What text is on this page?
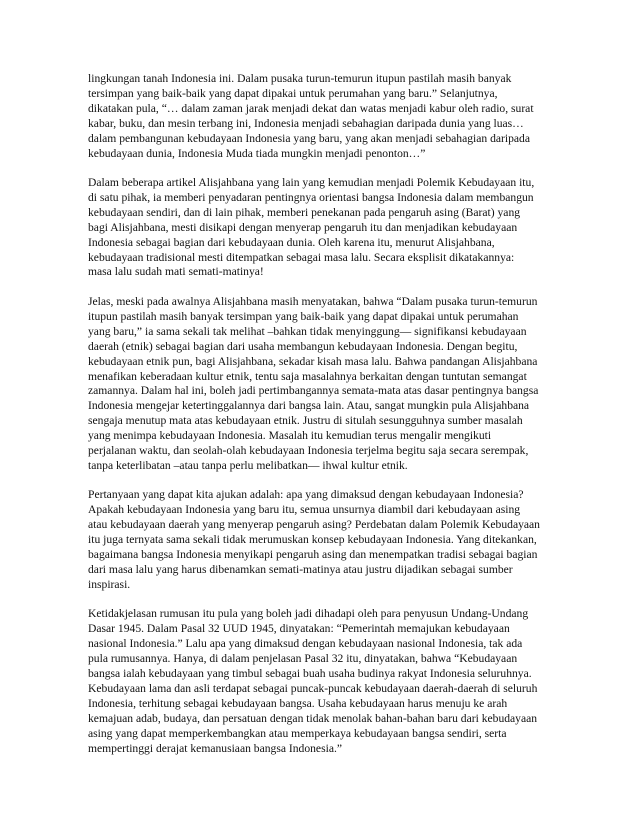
lingkungan tanah Indonesia ini. Dalam pusaka turun-temurun itupun pastilah masih banyak
tersimpan yang baik-baik yang dapat dipakai untuk perumahan yang baru.” Selanjutnya,
dikatakan pula, “… dalam zaman jarak menjadi dekat dan watas menjadi kabur oleh radio, surat
kabar, buku, dan mesin terbang ini, Indonesia menjadi sebahagian daripada dunia yang luas…
dalam pembangunan kebudayaan Indonesia yang baru, yang akan menjadi sebahagian daripada
kebudayaan dunia, Indonesia Muda tiada mungkin menjadi penonton…”

Dalam beberapa artikel Alisjahbana yang lain yang kemudian menjadi Polemik Kebudayaan itu,
di satu pihak, ia memberi penyadaran pentingnya orientasi bangsa Indonesia dalam membangun
kebudayaan sendiri, dan di lain pihak, memberi penekanan pada pengaruh asing (Barat) yang
bagi Alisjahbana, mesti disikapi dengan menyerap pengaruh itu dan menjadikan kebudayaan
Indonesia sebagai bagian dari kebudayaan dunia. Oleh karena itu, menurut Alisjahbana,
kebudayaan tradisional mesti ditempatkan sebagai masa lalu. Secara eksplisit dikatakannya:
masa lalu sudah mati semati-matinya!

Jelas, meski pada awalnya Alisjahbana masih menyatakan, bahwa “Dalam pusaka turun-temurun
itupun pastilah masih banyak tersimpan yang baik-baik yang dapat dipakai untuk perumahan
yang baru,” ia sama sekali tak melihat –bahkan tidak menyinggung— signifikansi kebudayaan
daerah (etnik) sebagai bagian dari usaha membangun kebudayaan Indonesia. Dengan begitu,
kebudayaan etnik pun, bagi Alisjahbana, sekadar kisah masa lalu. Bahwa pandangan Alisjahbana
menafikan keberadaan kultur etnik, tentu saja masalahnya berkaitan dengan tuntutan semangat
zamannya. Dalam hal ini, boleh jadi pertimbangannya semata-mata atas dasar pentingnya bangsa
Indonesia mengejar ketertinggalannya dari bangsa lain. Atau, sangat mungkin pula Alisjahbana
sengaja menutup mata atas kebudayaan etnik. Justru di situlah sesungguhnya sumber masalah
yang menimpa kebudayaan Indonesia. Masalah itu kemudian terus mengalir mengikuti
perjalanan waktu, dan seolah-olah kebudayaan Indonesia terjelma begitu saja secara serempak,
tanpa keterlibatan –atau tanpa perlu melibatkan— ihwal kultur etnik.

Pertanyaan yang dapat kita ajukan adalah: apa yang dimaksud dengan kebudayaan Indonesia?
Apakah kebudayaan Indonesia yang baru itu, semua unsurnya diambil dari kebudayaan asing
atau kebudayaan daerah yang menyerap pengaruh asing? Perdebatan dalam Polemik Kebudayaan
itu juga ternyata sama sekali tidak merumuskan konsep kebudayaan Indonesia. Yang ditekankan,
bagaimana bangsa Indonesia menyikapi pengaruh asing dan menempatkan tradisi sebagai bagian
dari masa lalu yang harus dibenamkan semati-matinya atau justru dijadikan sebagai sumber
inspirasi.

Ketidakjelasan rumusan itu pula yang boleh jadi dihadapi oleh para penyusun Undang-Undang
Dasar 1945. Dalam Pasal 32 UUD 1945, dinyatakan: “Pemerintah memajukan kebudayaan
nasional Indonesia.” Lalu apa yang dimaksud dengan kebudayaan nasional Indonesia, tak ada
pula rumusannya. Hanya, di dalam penjelasan Pasal 32 itu, dinyatakan, bahwa “Kebudayaan
bangsa ialah kebudayaan yang timbul sebagai buah usaha budinya rakyat Indonesia seluruhnya.
Kebudayaan lama dan asli terdapat sebagai puncak-puncak kebudayaan daerah-daerah di seluruh
Indonesia, terhitung sebagai kebudayaan bangsa. Usaha kebudayaan harus menuju ke arah
kemajuan adab, budaya, dan persatuan dengan tidak menolak bahan-bahan baru dari kebudayaan
asing yang dapat memperkembangkan atau memperkaya kebudayaan bangsa sendiri, serta
mempertinggi derajat kemanusiaan bangsa Indonesia.”
